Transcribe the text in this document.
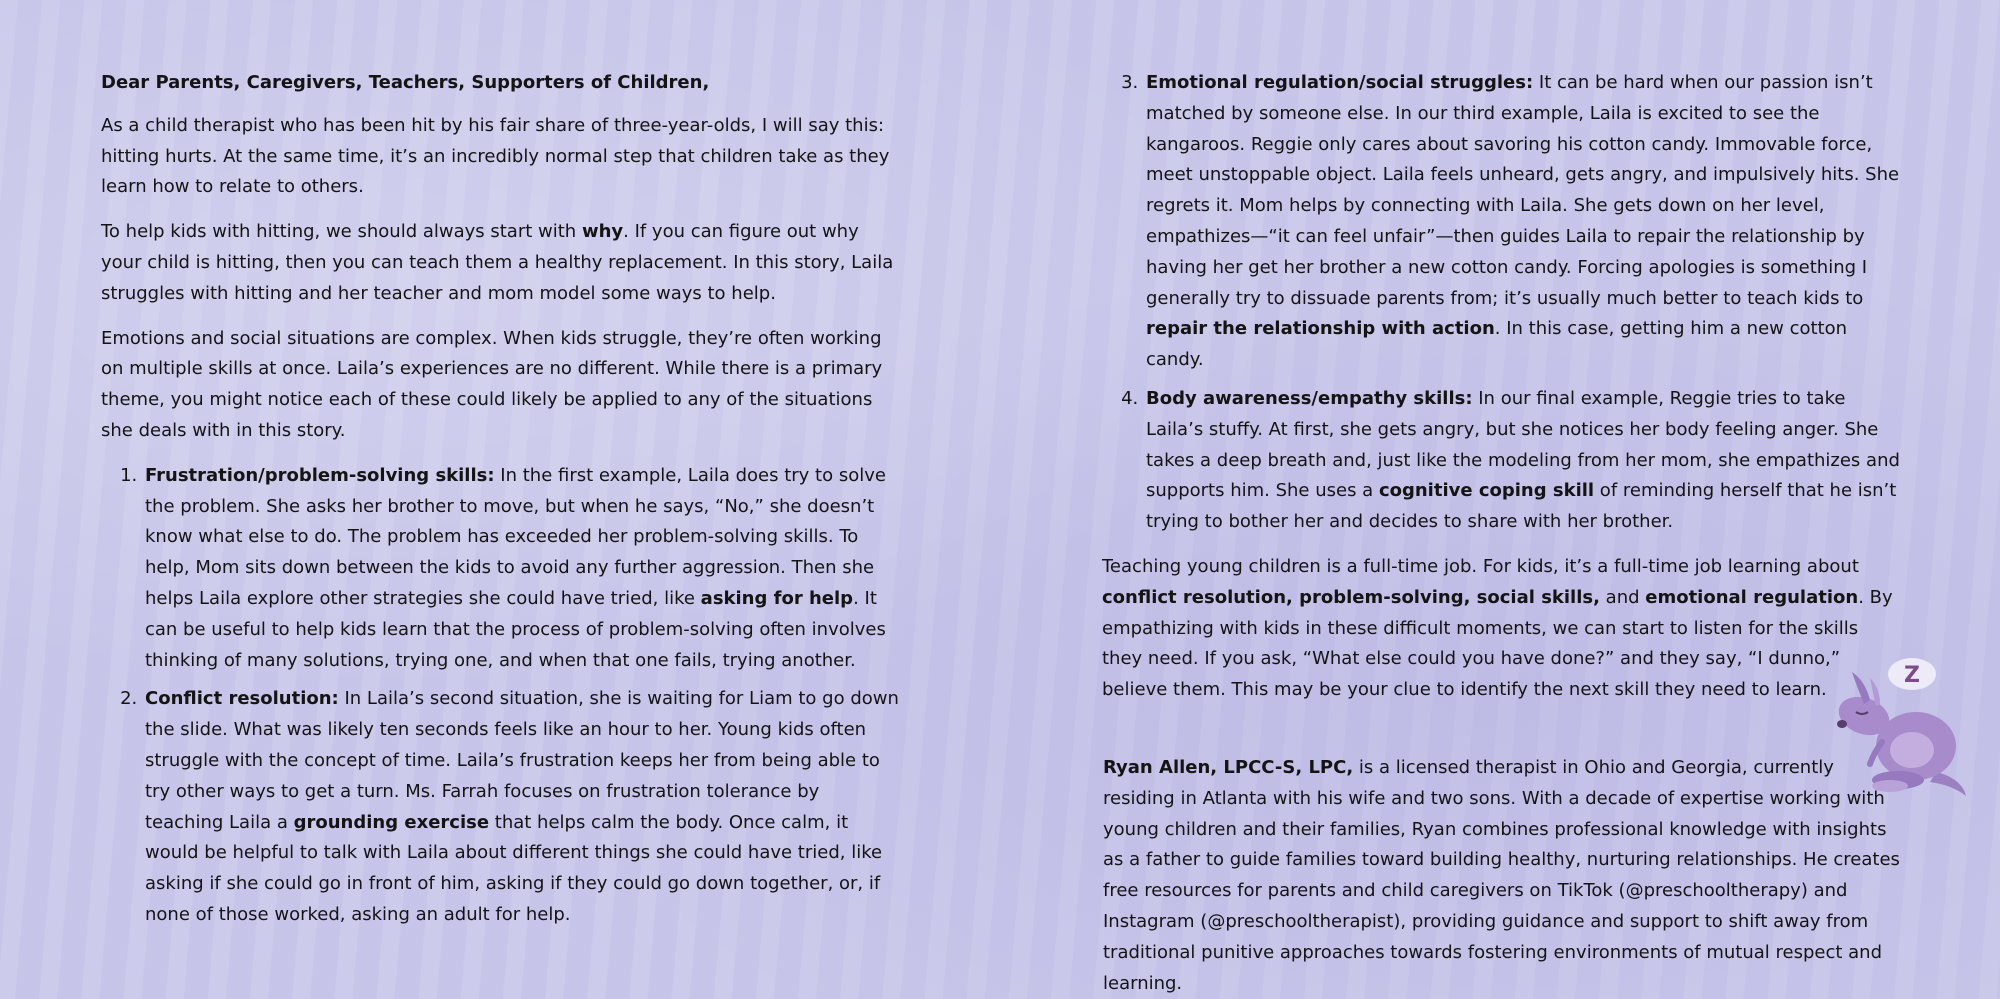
Dear Parents, Caregivers, Teachers, Supporters of Children,

As a child therapist who has been hit by his fair share of three-year-olds, I will say this: hitting hurts. At the same time, it’s an incredibly normal step that children take as they learn how to relate to others.

To help kids with hitting, we should always start with why. If you can figure out why your child is hitting, then you can teach them a healthy replacement. In this story, Laila struggles with hitting and her teacher and mom model some ways to help.

Emotions and social situations are complex. When kids struggle, they’re often working on multiple skills at once. Laila’s experiences are no different. While there is a primary theme, you might notice each of these could likely be applied to any of the situations she deals with in this story.

1. Frustration/problem-solving skills: In the first example, Laila does try to solve the problem. She asks her brother to move, but when he says, “No,” she doesn’t know what else to do. The problem has exceeded her problem-solving skills. To help, Mom sits down between the kids to avoid any further aggression. Then she helps Laila explore other strategies she could have tried, like asking for help. It can be useful to help kids learn that the process of problem-solving often involves thinking of many solutions, trying one, and when that one fails, trying another.
2. Conflict resolution: In Laila’s second situation, she is waiting for Liam to go down the slide. What was likely ten seconds feels like an hour to her. Young kids often struggle with the concept of time. Laila’s frustration keeps her from being able to try other ways to get a turn. Ms. Farrah focuses on frustration tolerance by teaching Laila a grounding exercise that helps calm the body. Once calm, it would be helpful to talk with Laila about different things she could have tried, like asking if she could go in front of him, asking if they could go down together, or, if none of those worked, asking an adult for help.
3. Emotional regulation/social struggles: It can be hard when our passion isn’t matched by someone else. In our third example, Laila is excited to see the kangaroos. Reggie only cares about savoring his cotton candy. Immovable force, meet unstoppable object. Laila feels unheard, gets angry, and impulsively hits. She regrets it. Mom helps by connecting with Laila. She gets down on her level, empathizes—“it can feel unfair”—then guides Laila to repair the relationship by having her get her brother a new cotton candy. Forcing apologies is something I generally try to dissuade parents from; it’s usually much better to teach kids to repair the relationship with action. In this case, getting him a new cotton candy.
4. Body awareness/empathy skills: In our final example, Reggie tries to take Laila’s stuffy. At first, she gets angry, but she notices her body feeling anger. She takes a deep breath and, just like the modeling from her mom, she empathizes and supports him. She uses a cognitive coping skill of reminding herself that he isn’t trying to bother her and decides to share with her brother.

Teaching young children is a full-time job. For kids, it’s a full-time job learning about conflict resolution, problem-solving, social skills, and emotional regulation. By empathizing with kids in these difficult moments, we can start to listen for the skills they need. If you ask, “What else could you have done?” and they say, “I dunno,” believe them. This may be your clue to identify the next skill they need to learn.

Z
Ryan Allen, LPCC-S, LPC, is a licensed therapist in Ohio and Georgia, currently residing in Atlanta with his wife and two sons. With a decade of expertise working with young children and their families, Ryan combines professional knowledge with insights as a father to guide families toward building healthy, nurturing relationships. He creates free resources for parents and child caregivers on TikTok (@preschooltherapy) and Instagram (@preschooltherapist), providing guidance and support to shift away from traditional punitive approaches towards fostering environments of mutual respect and learning.
